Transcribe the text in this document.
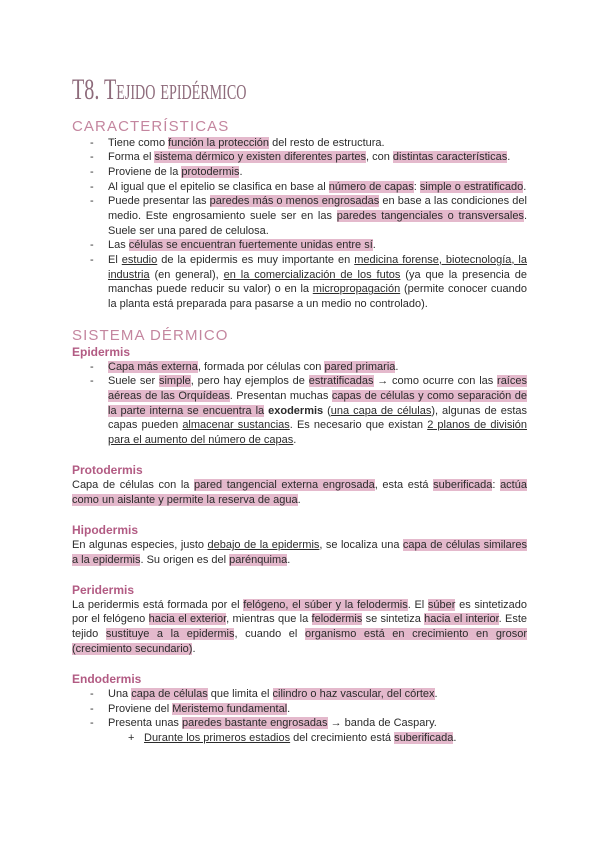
T8. Tejido epidérmico
CARACTERÍSTICAS
- Tiene como función la protección del resto de estructura.
- Forma el sistema dérmico y existen diferentes partes, con distintas características.
- Proviene de la protodermis.
- Al igual que el epitelio se clasifica en base al número de capas: simple o estratificado.
- Puede presentar las paredes más o menos engrosadas en base a las condiciones del medio. Este engrosamiento suele ser en las paredes tangenciales o transversales. Suele ser una pared de celulosa.
- Las células se encuentran fuertemente unidas entre sí.
- El estudio de la epidermis es muy importante en medicina forense, biotecnología, la industria (en general), en la comercialización de los futos (ya que la presencia de manchas puede reducir su valor) o en la micropropagación (permite conocer cuando la planta está preparada para pasarse a un medio no controlado).
SISTEMA DÉRMICO
Epidermis
- Capa más externa, formada por células con pared primaria.
- Suele ser simple, pero hay ejemplos de estratificadas → como ocurre con las raíces aéreas de las Orquídeas. Presentan muchas capas de células y como separación de la parte interna se encuentra la exodermis (una capa de células), algunas de estas capas pueden almacenar sustancias. Es necesario que existan 2 planos de división para el aumento del número de capas.
Protodermis

Capa de células con la pared tangencial externa engrosada, esta está suberificada: actúa como un aislante y permite la reserva de agua.

Hipodermis

En algunas especies, justo debajo de la epidermis, se localiza una capa de células similares a la epidermis. Su origen es del parénquima.

Peridermis

La peridermis está formada por el felógeno, el súber y la felodermis. El súber es sintetizado por el felógeno hacia el exterior, mientras que la felodermis se sintetiza hacia el interior. Este tejido sustituye a la epidermis, cuando el organismo está en crecimiento en grosor (crecimiento secundario).

Endodermis
- Una capa de células que limita el cilindro o haz vascular, del córtex.
- Proviene del Meristemo fundamental.
- Presenta unas paredes bastante engrosadas → banda de Caspary.
+ Durante los primeros estadios del crecimiento está suberificada.
